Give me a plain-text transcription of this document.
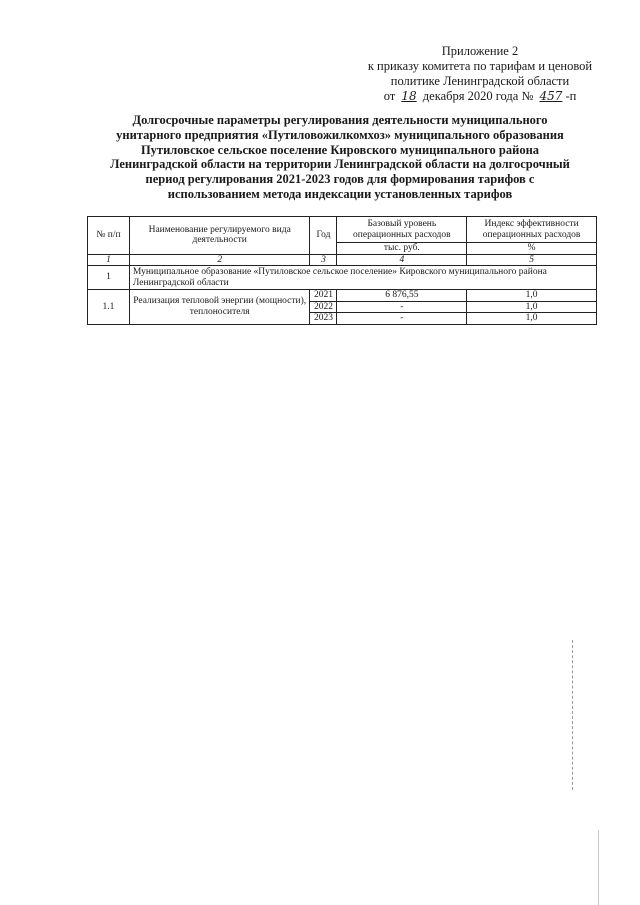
Приложение 2
к приказу комитета по тарифам и ценовой
политике Ленинградской области
от 18 декабря 2020 года № 457 -п
Долгосрочные параметры регулирования деятельности муниципального
унитарного предприятия «Путиловожилкомхоз» муниципального образования
Путиловское сельское поселение Кировского муниципального района
Ленинградской области на территории Ленинградской области на долгосрочный
период регулирования 2021-2023 годов для формирования тарифов с
использованием метода индексации установленных тарифов
№ п/п	Наименование регулируемого вида деятельности	Год	Базовый уровень операционных расходов	Индекс эффективности операционных расходов
			тыс. руб.	%
1	2	3	4	5
1	Муниципальное образование «Путиловское сельское поселение» Кировского муниципального района Ленинградской области			
1.1	Реализация тепловой энергии (мощности), теплоносителя	2021	6 876,55	1,0
		2022	-	1,0
		2023	-	1,0
